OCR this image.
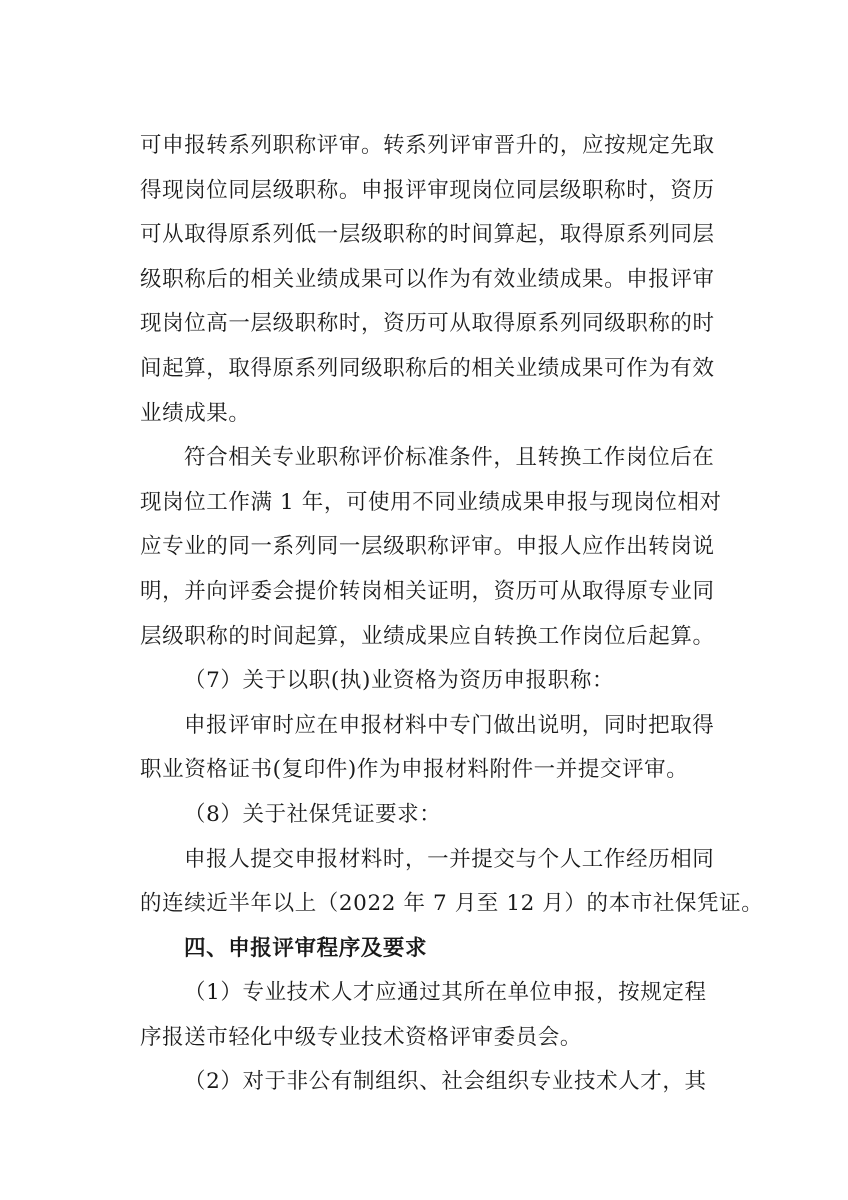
可申报转系列职称评审。转系列评审晋升的，应按规定先取
得现岗位同层级职称。申报评审现岗位同层级职称时，资历
可从取得原系列低一层级职称的时间算起，取得原系列同层
级职称后的相关业绩成果可以作为有效业绩成果。申报评审
现岗位高一层级职称时，资历可从取得原系列同级职称的时
间起算，取得原系列同级职称后的相关业绩成果可作为有效
业绩成果。
符合相关专业职称评价标准条件，且转换工作岗位后在
现岗位工作满 1 年，可使用不同业绩成果申报与现岗位相对
应专业的同一系列同一层级职称评审。申报人应作出转岗说
明，并向评委会提价转岗相关证明，资历可从取得原专业同
层级职称的时间起算，业绩成果应自转换工作岗位后起算。
（7）关于以职(执)业资格为资历申报职称：
申报评审时应在申报材料中专门做出说明，同时把取得
职业资格证书(复印件)作为申报材料附件一并提交评审。
（8）关于社保凭证要求：
申报人提交申报材料时，一并提交与个人工作经历相同
的连续近半年以上（2022 年 7 月至 12 月）的本市社保凭证。
四、申报评审程序及要求
（1）专业技术人才应通过其所在单位申报，按规定程
序报送市轻化中级专业技术资格评审委员会。
（2）对于非公有制组织、社会组织专业技术人才，其
